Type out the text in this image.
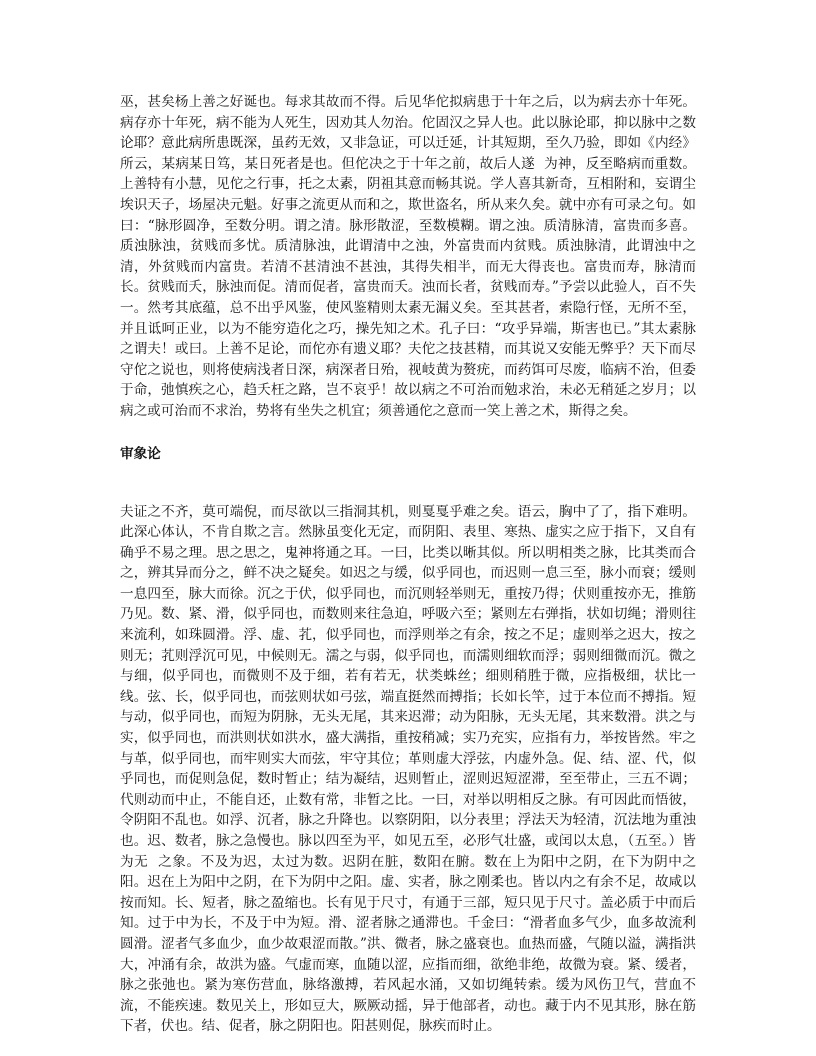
巫，甚矣杨上善之好诞也。每求其故而不得。后见华佗拟病患于十年之后，以为病去亦十年死。病存亦十年死，病不能为人死生，因劝其人勿治。佗固汉之异人也。此以脉论耶，抑以脉中之数论耶？意此病所患既深，虽药无效，又非急证，可以迁延，计其短期，至久乃验，即如《内经》所云，某病某日笃，某日死者是也。但佗决之于十年之前，故后人遂  为神，反至略病而重数。上善特有小慧，见佗之行事，托之太素，阴祖其意而畅其说。学人喜其新奇，互相附和，妄谓尘埃识天子，场屋决元魁。好事之流更从而和之，欺世盗名，所从来久矣。就中亦有可录之句。如曰：“脉形圆净，至数分明。谓之清。脉形散涩，至数模糊。谓之浊。质清脉清，富贵而多喜。质浊脉浊，贫贱而多忧。质清脉浊，此谓清中之浊，外富贵而内贫贱。质浊脉清，此谓浊中之清，外贫贱而内富贵。若清不甚清浊不甚浊，其得失相半，而无大得丧也。富贵而寿，脉清而长。贫贱而夭，脉浊而促。清而促者，富贵而夭。浊而长者，贫贱而寿。”予尝以此验人，百不失一。然考其底蕴，总不出乎风鉴，使风鉴精则太素无漏义矣。至其甚者，索隐行怪，无所不至，并且诋呵正业，以为不能穷造化之巧，操先知之术。孔子曰：“攻乎异端，斯害也已。”其太素脉之谓夫！或曰。上善不足论，而佗亦有遗义耶？夫佗之技甚精，而其说又安能无弊乎？天下而尽守佗之说也，则将使病浅者日深，病深者日殆，视岐黄为赘疣，而药饵可尽废，临病不治，但委于命，弛慎疾之心，趋夭枉之路，岂不哀乎！故以病之不可治而勉求治，未必无稍延之岁月；以病之或可治而不求治，势将有坐失之机宜；须善通佗之意而一笑上善之术，斯得之矣。

审象论

夫证之不齐，莫可端倪，而尽欲以三指洞其机，则戛戛乎难之矣。语云，胸中了了，指下难明。此深心体认，不肯自欺之言。然脉虽变化无定，而阴阳、表里、寒热、虚实之应于指下，又自有确乎不易之理。思之思之，鬼神将通之耳。一曰，比类以晰其似。所以明相类之脉，比其类而合之，辨其异而分之，鲜不决之疑矣。如迟之与缓，似乎同也，而迟则一息三至，脉小而衰；缓则一息四至，脉大而徐。沉之于伏，似乎同也，而沉则轻举则无，重按乃得；伏则重按亦无，推筋乃见。数、紧、滑，似乎同也，而数则来往急迫，呼吸六至；紧则左右弹指，状如切绳；滑则往来流利，如珠圆滑。浮、虚、芤，似乎同也，而浮则举之有余，按之不足；虚则举之迟大，按之则无；芤则浮沉可见，中候则无。濡之与弱，似乎同也，而濡则细软而浮；弱则细微而沉。微之与细，似乎同也，而微则不及于细，若有若无，状类蛛丝；细则稍胜于微，应指极细，状比一线。弦、长，似乎同也，而弦则状如弓弦，端直挺然而搏指；长如长竿，过于本位而不搏指。短与动，似乎同也，而短为阴脉，无头无尾，其来迟滞；动为阳脉，无头无尾，其来数滑。洪之与实，似乎同也，而洪则状如洪水，盛大满指，重按稍减；实乃充实，应指有力，举按皆然。牢之与革，似乎同也，而牢则实大而弦，牢守其位；革则虚大浮弦，内虚外急。促、结、涩、代，似乎同也，而促则急促，数时暂止；结为凝结，迟则暂止，涩则迟短涩滞，至至带止，三五不调；代则动而中止，不能自还，止数有常，非暂之比。一曰，对举以明相反之脉。有可因此而悟彼，令阴阳不乱也。如浮、沉者，脉之升降也。以察阴阳，以分表里；浮法天为轻清，沉法地为重浊也。迟、数者，脉之急慢也。脉以四至为平，如见五至，必形气壮盛，或闰以太息，（五至。）皆为无  之象。不及为迟，太过为数。迟阴在脏，数阳在腑。数在上为阳中之阴，在下为阴中之阳。迟在上为阳中之阴，在下为阴中之阳。虚、实者，脉之刚柔也。皆以内之有余不足，故咸以按而知。长、短者，脉之盈缩也。长有见于尺寸，有通于三部，短只见于尺寸。盖必质于中而后知。过于中为长，不及于中为短。滑、涩者脉之通滞也。千金曰：“滑者血多气少，血多故流利圆滑。涩者气多血少，血少故艰涩而散。”洪、微者，脉之盛衰也。血热而盛，气随以溢，满指洪大，冲涌有余，故洪为盛。气虚而寒，血随以涩，应指而细，欲绝非绝，故微为衰。紧、缓者，脉之张弛也。紧为寒伤营血，脉络激搏，若风起水涌，又如切绳转索。缓为风伤卫气，营血不流，不能疾速。数见关上，形如豆大，厥厥动摇，异于他部者，动也。藏于内不见其形，脉在筋下者，伏也。结、促者，脉之阴阳也。阳甚则促，脉疾而时止。
